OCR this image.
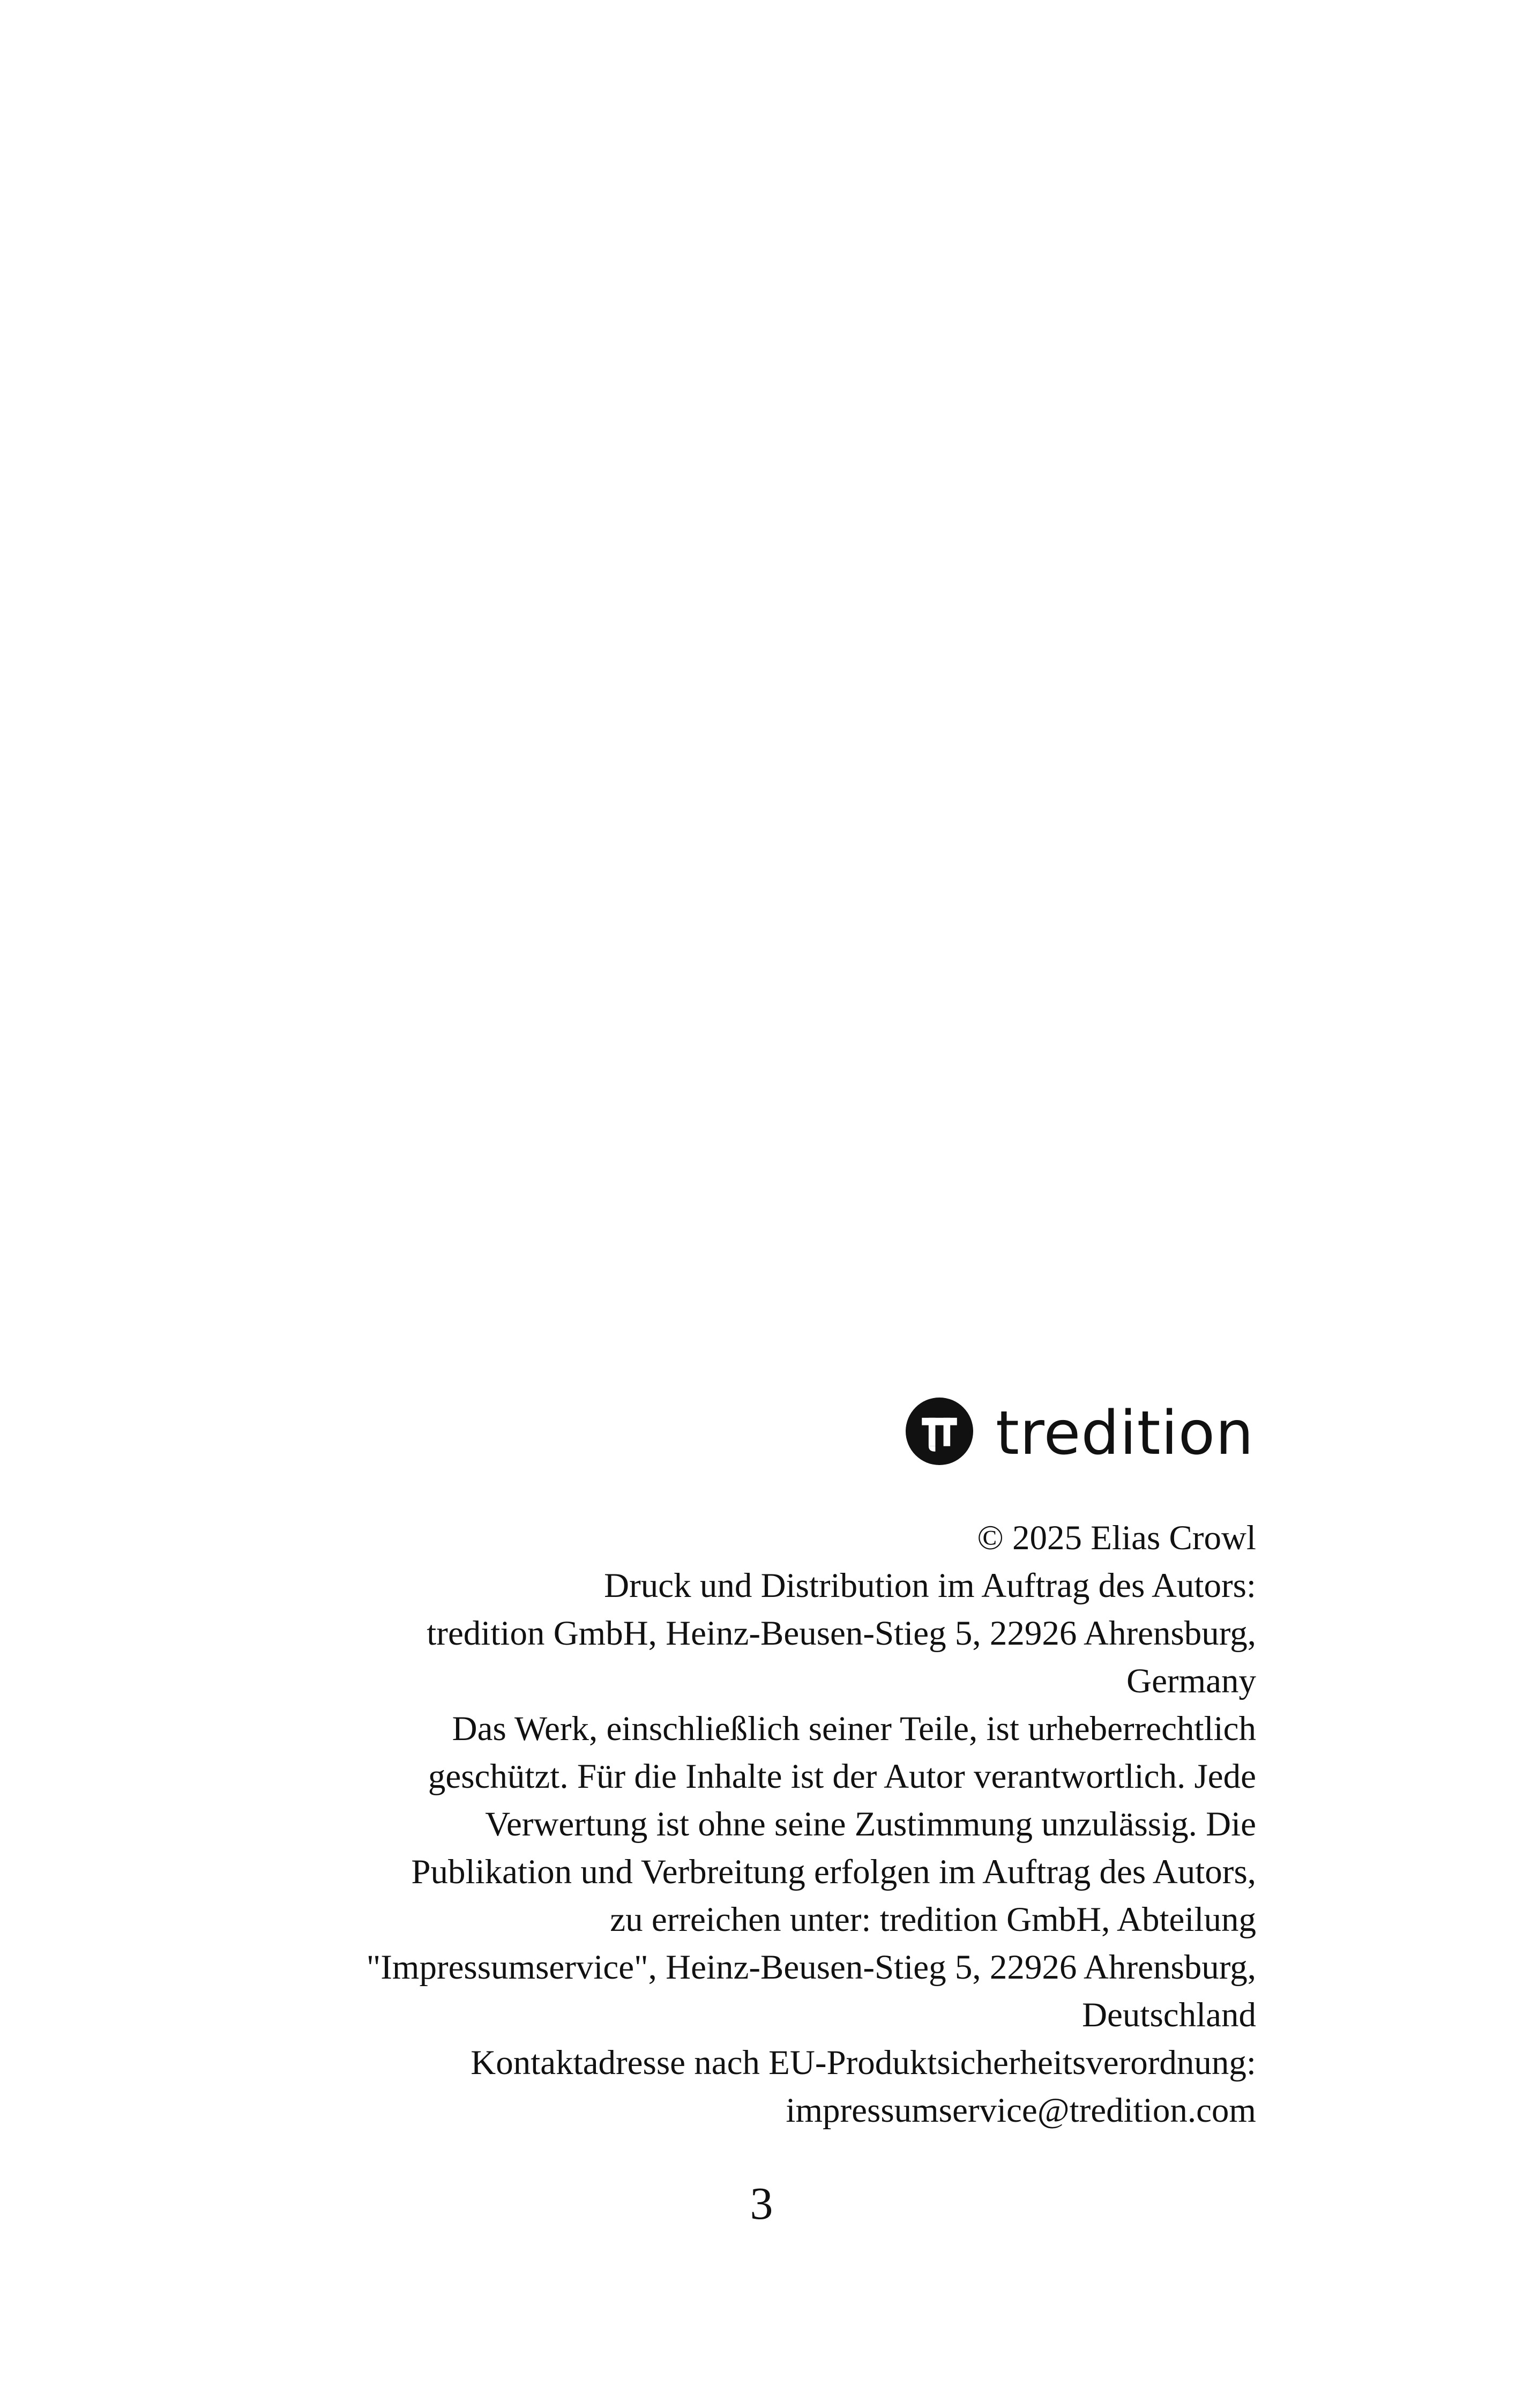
tredition
© 2025 Elias Crowl
Druck und Distribution im Auftrag des Autors:
tredition GmbH, Heinz-Beusen-Stieg 5, 22926 Ahrensburg,
Germany
Das Werk, einschließlich seiner Teile, ist urheberrechtlich
geschützt. Für die Inhalte ist der Autor verantwortlich. Jede
Verwertung ist ohne seine Zustimmung unzulässig. Die
Publikation und Verbreitung erfolgen im Auftrag des Autors,
zu erreichen unter: tredition GmbH, Abteilung
"Impressumservice", Heinz-Beusen-Stieg 5, 22926 Ahrensburg,
Deutschland
Kontaktadresse nach EU-Produktsicherheitsverordnung:
impressumservice@tredition.com
3
